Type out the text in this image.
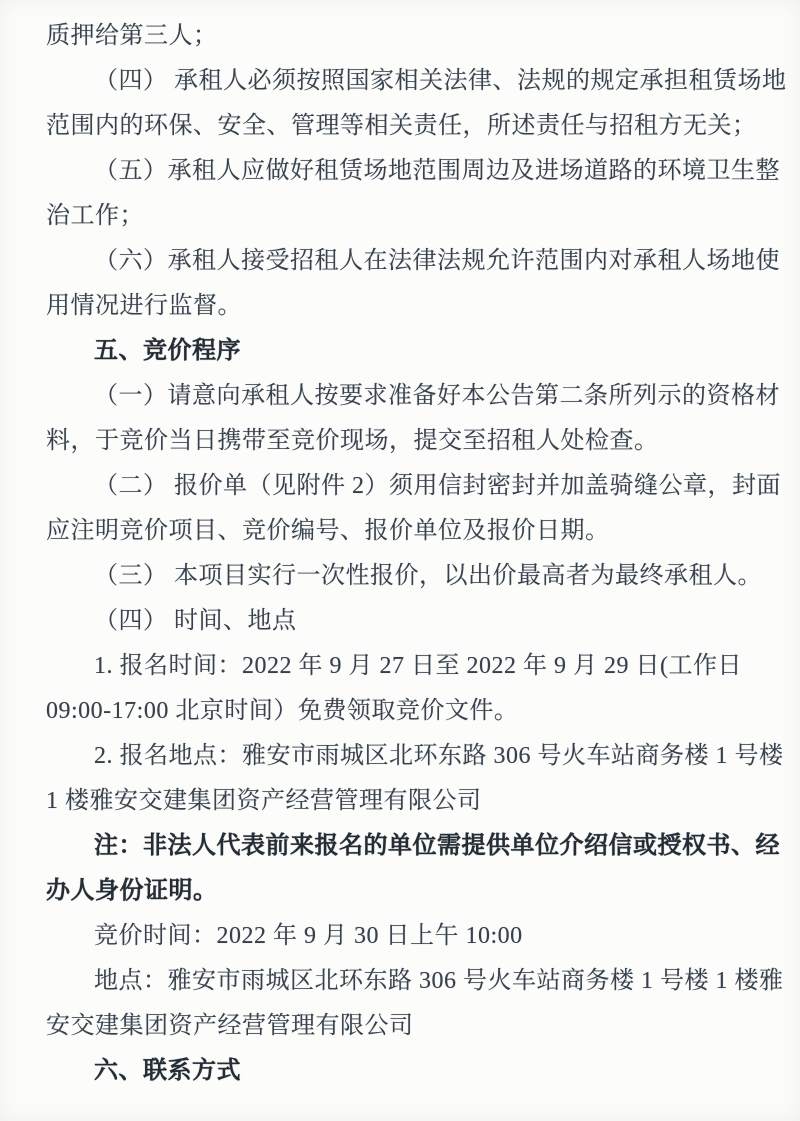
质押给第三人；
（四） 承租人必须按照国家相关法律、法规的规定承担租赁场地
范围内的环保、安全、管理等相关责任，所述责任与招租方无关；
（五）承租人应做好租赁场地范围周边及进场道路的环境卫生整
治工作；
（六）承租人接受招租人在法律法规允许范围内对承租人场地使
用情况进行监督。
五、竞价程序
（一）请意向承租人按要求准备好本公告第二条所列示的资格材
料，于竞价当日携带至竞价现场，提交至招租人处检查。
（二） 报价单（见附件 2）须用信封密封并加盖骑缝公章，封面
应注明竞价项目、竞价编号、报价单位及报价日期。
（三） 本项目实行一次性报价，以出价最高者为最终承租人。
（四） 时间、地点
1. 报名时间：2022 年 9 月 27 日至 2022 年 9 月 29 日(工作日
09:00-17:00 北京时间）免费领取竞价文件。
2. 报名地点：雅安市雨城区北环东路 306 号火车站商务楼 1 号楼
1 楼雅安交建集团资产经营管理有限公司
注：非法人代表前来报名的单位需提供单位介绍信或授权书、经
办人身份证明。
竞价时间：2022 年 9 月 30 日上午 10:00
地点：雅安市雨城区北环东路 306 号火车站商务楼 1 号楼 1 楼雅
安交建集团资产经营管理有限公司
六、联系方式
